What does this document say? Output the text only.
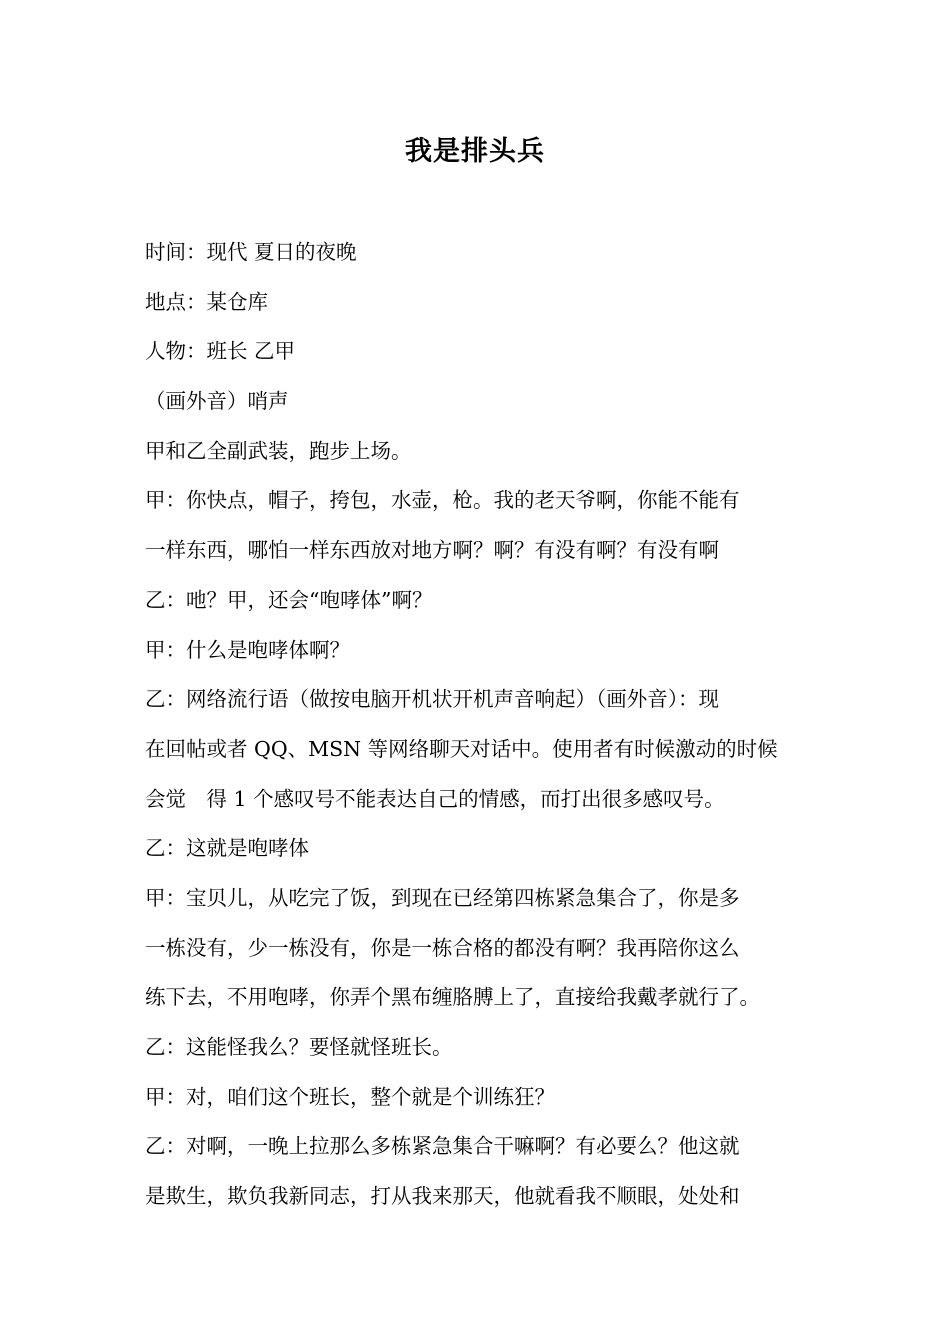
我是排头兵
时间：现代 夏日的夜晚
地点：某仓库
人物：班长 乙甲
（画外音）哨声
甲和乙全副武装，跑步上场。
甲：你快点，帽子，挎包，水壶，枪。我的老天爷啊，你能不能有
一样东西，哪怕一样东西放对地方啊？啊？有没有啊？有没有啊
乙：吔？甲，还会“咆哮体”啊？
甲：什么是咆哮体啊？
乙：网络流行语（做按电脑开机状开机声音响起）（画外音）：现
在回帖或者 QQ、MSN 等网络聊天对话中。使用者有时候激动的时候
会觉　得 1 个感叹号不能表达自己的情感，而打出很多感叹号。
乙：这就是咆哮体
甲：宝贝儿，从吃完了饭，到现在已经第四栋紧急集合了，你是多
一栋没有，少一栋没有，你是一栋合格的都没有啊？我再陪你这么
练下去，不用咆哮，你弄个黑布缠胳膊上了，直接给我戴孝就行了。
乙：这能怪我么？要怪就怪班长。
甲：对，咱们这个班长，整个就是个训练狂？
乙：对啊，一晚上拉那么多栋紧急集合干嘛啊？有必要么？他这就
是欺生，欺负我新同志，打从我来那天，他就看我不顺眼，处处和
